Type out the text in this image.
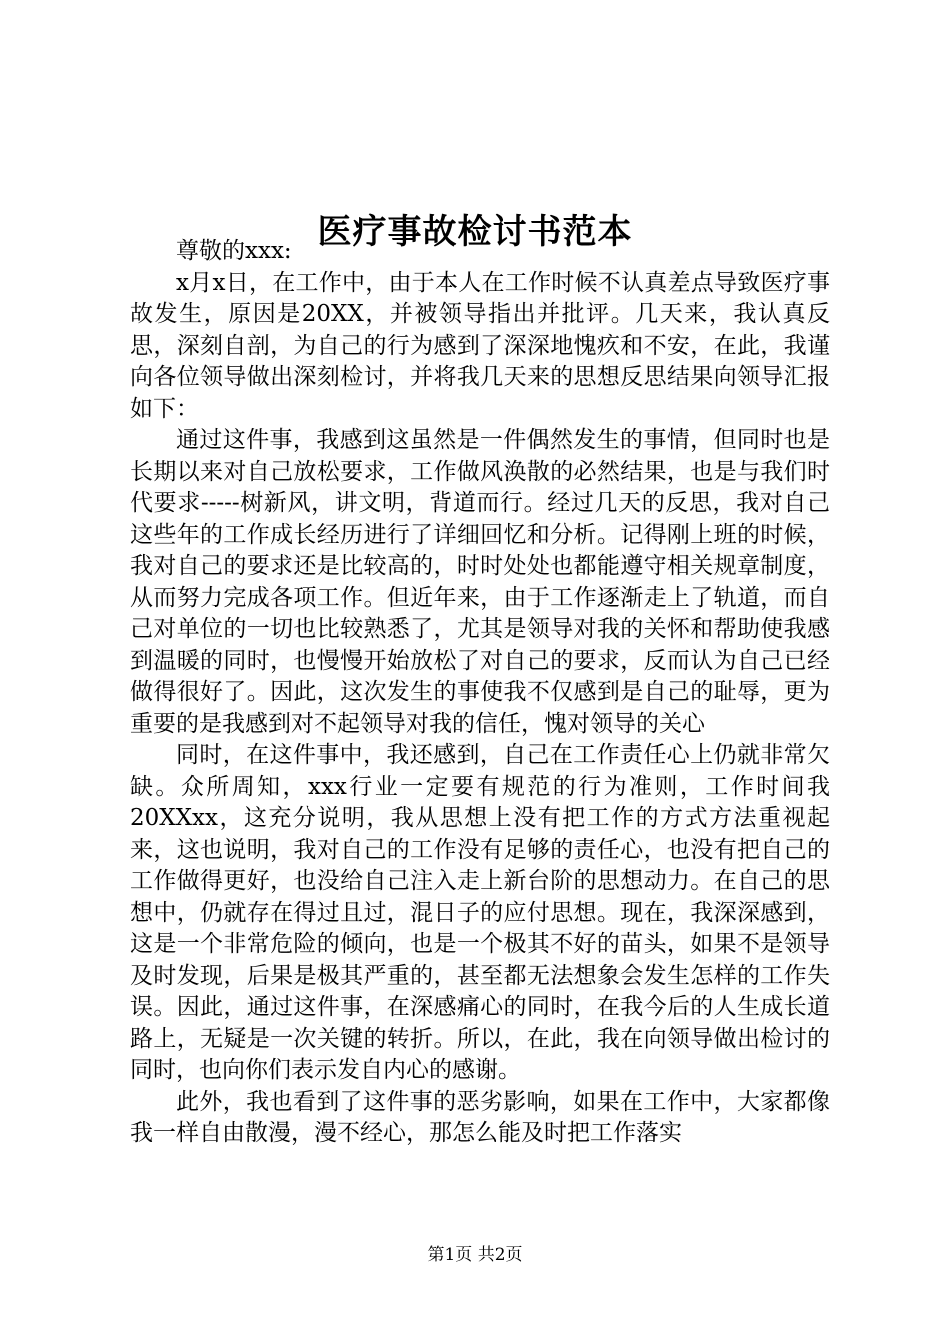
医疗事故检讨书范本

尊敬的xxx:

x月x日，在工作中，由于本人在工作时候不认真差点导致医疗事故发生，原因是20XX，并被领导指出并批评。几天来，我认真反思，深刻自剖，为自己的行为感到了深深地愧疚和不安，在此，我谨向各位领导做出深刻检讨，并将我几天来的思想反思结果向领导汇报如下：

通过这件事，我感到这虽然是一件偶然发生的事情，但同时也是长期以来对自己放松要求，工作做风涣散的必然结果，也是与我们时代要求-----树新风，讲文明，背道而行。经过几天的反思，我对自己这些年的工作成长经历进行了详细回忆和分析。记得刚上班的时候，我对自己的要求还是比较高的，时时处处也都能遵守相关规章制度，从而努力完成各项工作。但近年来，由于工作逐渐走上了轨道，而自己对单位的一切也比较熟悉了，尤其是领导对我的关怀和帮助使我感到温暖的同时，也慢慢开始放松了对自己的要求，反而认为自己已经做得很好了。因此，这次发生的事使我不仅感到是自己的耻辱，更为重要的是我感到对不起领导对我的信任，愧对领导的关心

同时，在这件事中，我还感到，自己在工作责任心上仍就非常欠缺。众所周知，xxx行业一定要有规范的行为准则，工作时间我20XXxx，这充分说明，我从思想上没有把工作的方式方法重视起来，这也说明，我对自己的工作没有足够的责任心，也没有把自己的工作做得更好，也没给自己注入走上新台阶的思想动力。在自己的思想中，仍就存在得过且过，混日子的应付思想。现在，我深深感到，这是一个非常危险的倾向，也是一个极其不好的苗头，如果不是领导及时发现，后果是极其严重的，甚至都无法想象会发生怎样的工作失误。因此，通过这件事，在深感痛心的同时，在我今后的人生成长道路上，无疑是一次关键的转折。所以，在此，我在向领导做出检讨的同时，也向你们表示发自内心的感谢。

此外，我也看到了这件事的恶劣影响，如果在工作中，大家都像我一样自由散漫，漫不经心，那怎么能及时把工作落实

第1页 共2页
